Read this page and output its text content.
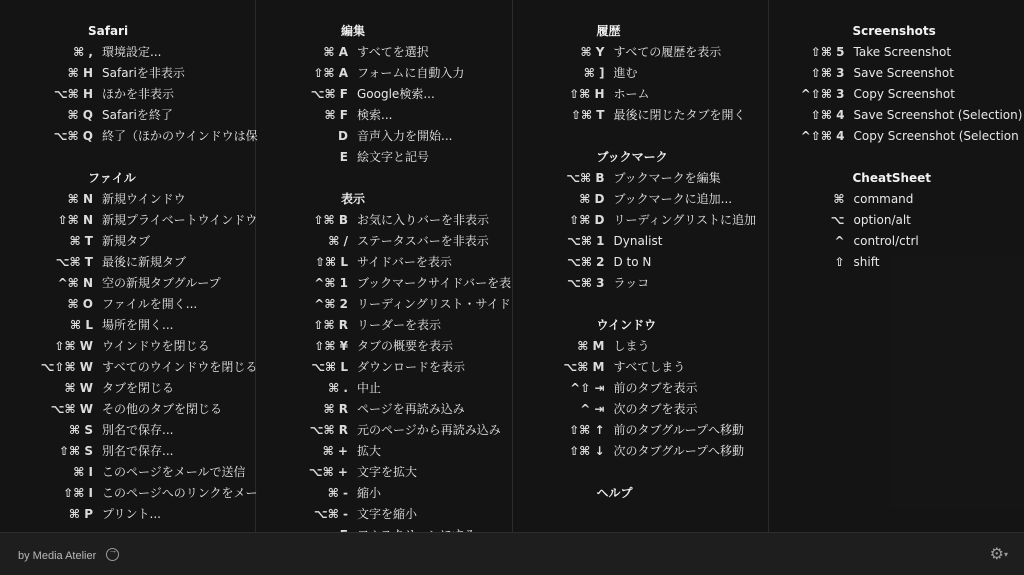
Safari
⌘ , 環境設定...
⌘ H Safariを非表示
⌥⌘ H ほかを非表示
⌘ Q Safariを終了
⌥⌘ Q 終了（ほかのウインドウは保
ファイル
⌘ N 新規ウインドウ
⇧⌘ N 新規プライベートウインドウ
⌘ T 新規タブ
⌥⌘ T 最後に新規タブ
^⌘ N 空の新規タブグループ
⌘ O ファイルを開く...
⌘ L 場所を開く...
⇧⌘ W ウインドウを閉じる
⌥⇧⌘ W すべてのウインドウを閉じる
⌘ W タブを閉じる
⌥⌘ W その他のタブを閉じる
⌘ S 別名で保存...
⇧⌘ S 別名で保存...
⌘ I このページをメールで送信
⇧⌘ I このページへのリンクをメー
⌘ P プリント...
編集
⌘ A すべてを選択
⇧⌘ A フォームに自動入力
⌥⌘ F Google検索...
⌘ F 検索...
D 音声入力を開始...
E 絵文字と記号
表示
⇧⌘ B お気に入りバーを非表示
⌘ / ステータスバーを非表示
⇧⌘ L サイドバーを表示
^⌘ 1 ブックマークサイドバーを表
^⌘ 2 リーディングリスト・サイド
⇧⌘ R リーダーを表示
⇧⌘ ¥ タブの概要を表示
⌥⌘ L ダウンロードを表示
⌘ . 中止
⌘ R ページを再読み込み
⌥⌘ R 元のページから再読み込み
⌘ + 拡大
⌥⌘ + 文字を拡大
⌘ - 縮小
⌥⌘ - 文字を縮小
履歴
⌘ Y すべての履歴を表示
⌘ ] 進む
⇧⌘ H ホーム
⇧⌘ T 最後に閉じたタブを開く
ブックマーク
⌥⌘ B ブックマークを編集
⌘ D ブックマークに追加...
⇧⌘ D リーディングリストに追加
⌥⌘ 1 Dynalist
⌥⌘ 2 D to N
⌥⌘ 3 ラッコ
ウインドウ
⌘ M しまう
⌥⌘ M すべてしまう
^⇧ ⇥ 前のタブを表示
^ ⇥ 次のタブを表示
⇧⌘ ↑ 前のタブグループへ移動
⇧⌘ ↓ 次のタブグループへ移動
ヘルプ
Screenshots
⇧⌘ 5 Take Screenshot
⇧⌘ 3 Save Screenshot
^⇧⌘ 3 Copy Screenshot
⇧⌘ 4 Save Screenshot (Selection)
^⇧⌘ 4 Copy Screenshot (Selection
CheatSheet
⌘ command
⌥ option/alt
^ control/ctrl
⇧ shift
by Media Atelier →	⚙▾
